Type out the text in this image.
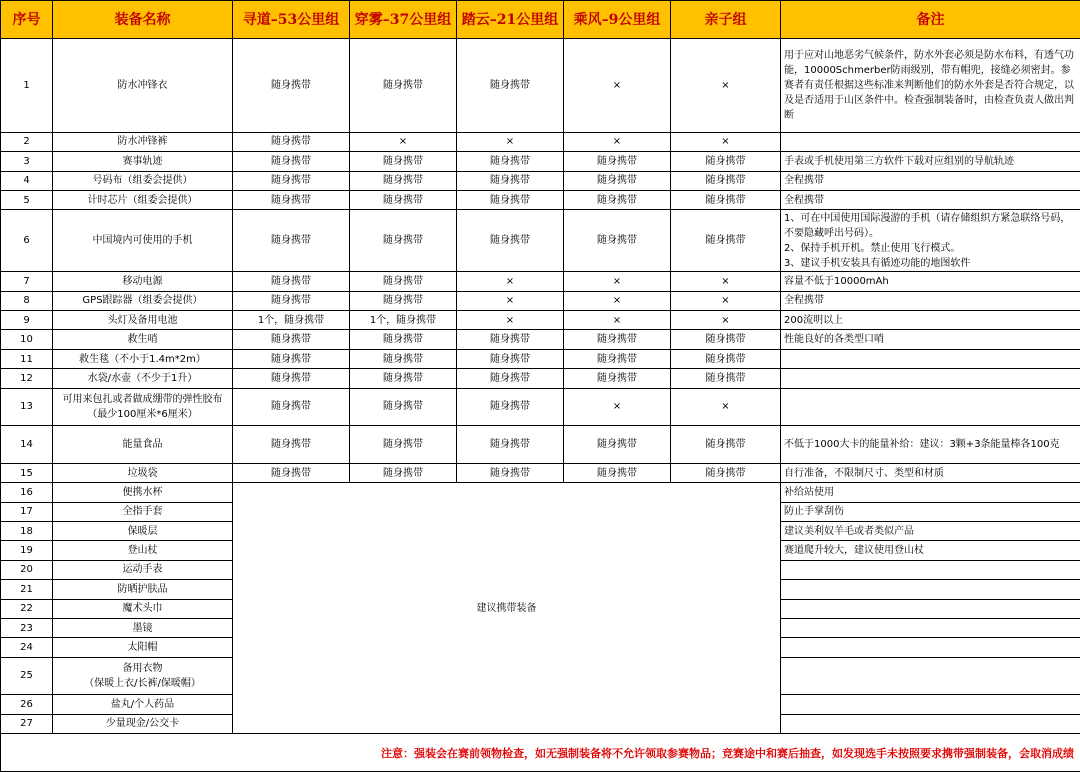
序号	装备名称	寻道–53公里组	穿雾–37公里组	踏云–21公里组	乘风–9公里组	亲子组	备注
1	防水冲锋衣	随身携带	随身携带	随身携带	×	×	用于应对山地恶劣气候条件，防水外套必须是防水布料，有透气功能，10000Schmerber防雨级别，带有帽兜，接缝必须密封。参赛者有责任根据这些标准来判断他们的防水外套是否符合规定，以及是否适用于山区条件中。检查强制装备时，由检查负责人做出判断
2	防水冲锋裤	随身携带	×	×	×	×	
3	赛事轨迹	随身携带	随身携带	随身携带	随身携带	随身携带	手表或手机使用第三方软件下载对应组别的导航轨迹
4	号码布（组委会提供）	随身携带	随身携带	随身携带	随身携带	随身携带	全程携带
5	计时芯片（组委会提供）	随身携带	随身携带	随身携带	随身携带	随身携带	全程携带
6	中国境内可使用的手机	随身携带	随身携带	随身携带	随身携带	随身携带	1、可在中国使用国际漫游的手机（请存储组织方紧急联络号码，不要隐藏呼出号码）。
2、保持手机开机。禁止使用飞行模式。
3、建议手机安装具有循迹功能的地图软件
7	移动电源	随身携带	随身携带	×	×	×	容量不低于10000mAh
8	GPS跟踪器（组委会提供）	随身携带	随身携带	×	×	×	全程携带
9	头灯及备用电池	1个，随身携带	1个，随身携带	×	×	×	200流明以上
10	救生哨	随身携带	随身携带	随身携带	随身携带	随身携带	性能良好的各类型口哨
11	救生毯（不小于1.4m*2m）	随身携带	随身携带	随身携带	随身携带	随身携带	
12	水袋/水壶（不少于1升）	随身携带	随身携带	随身携带	随身携带	随身携带	
13	可用来包扎或者做成绷带的弹性胶布（最少100厘米*6厘米）	随身携带	随身携带	随身携带	×	×	
14	能量食品	随身携带	随身携带	随身携带	随身携带	随身携带	不低于1000大卡的能量补给：建议：3颗+3条能量棒各100克
15	垃圾袋	随身携带	随身携带	随身携带	随身携带	随身携带	自行准备，不限制尺寸、类型和材质
16	便携水杯	建议携带装备					补给站使用
17	全指手套						防止手掌刮伤
18	保暖层						建议美利奴羊毛或者类似产品
19	登山杖						赛道爬升较大，建议使用登山杖
20	运动手表						
21	防晒护肤品						
22	魔术头巾						
23	墨镜						
24	太阳帽						
25	备用衣物
（保暖上衣/长裤/保暖帽）						
26	盐丸/个人药品						
27	少量现金/公交卡						
注意：强装会在赛前领物检查，如无强制装备将不允许领取参赛物品；竞赛途中和赛后抽查，如发现选手未按照要求携带强制装备，会取消成绩							
